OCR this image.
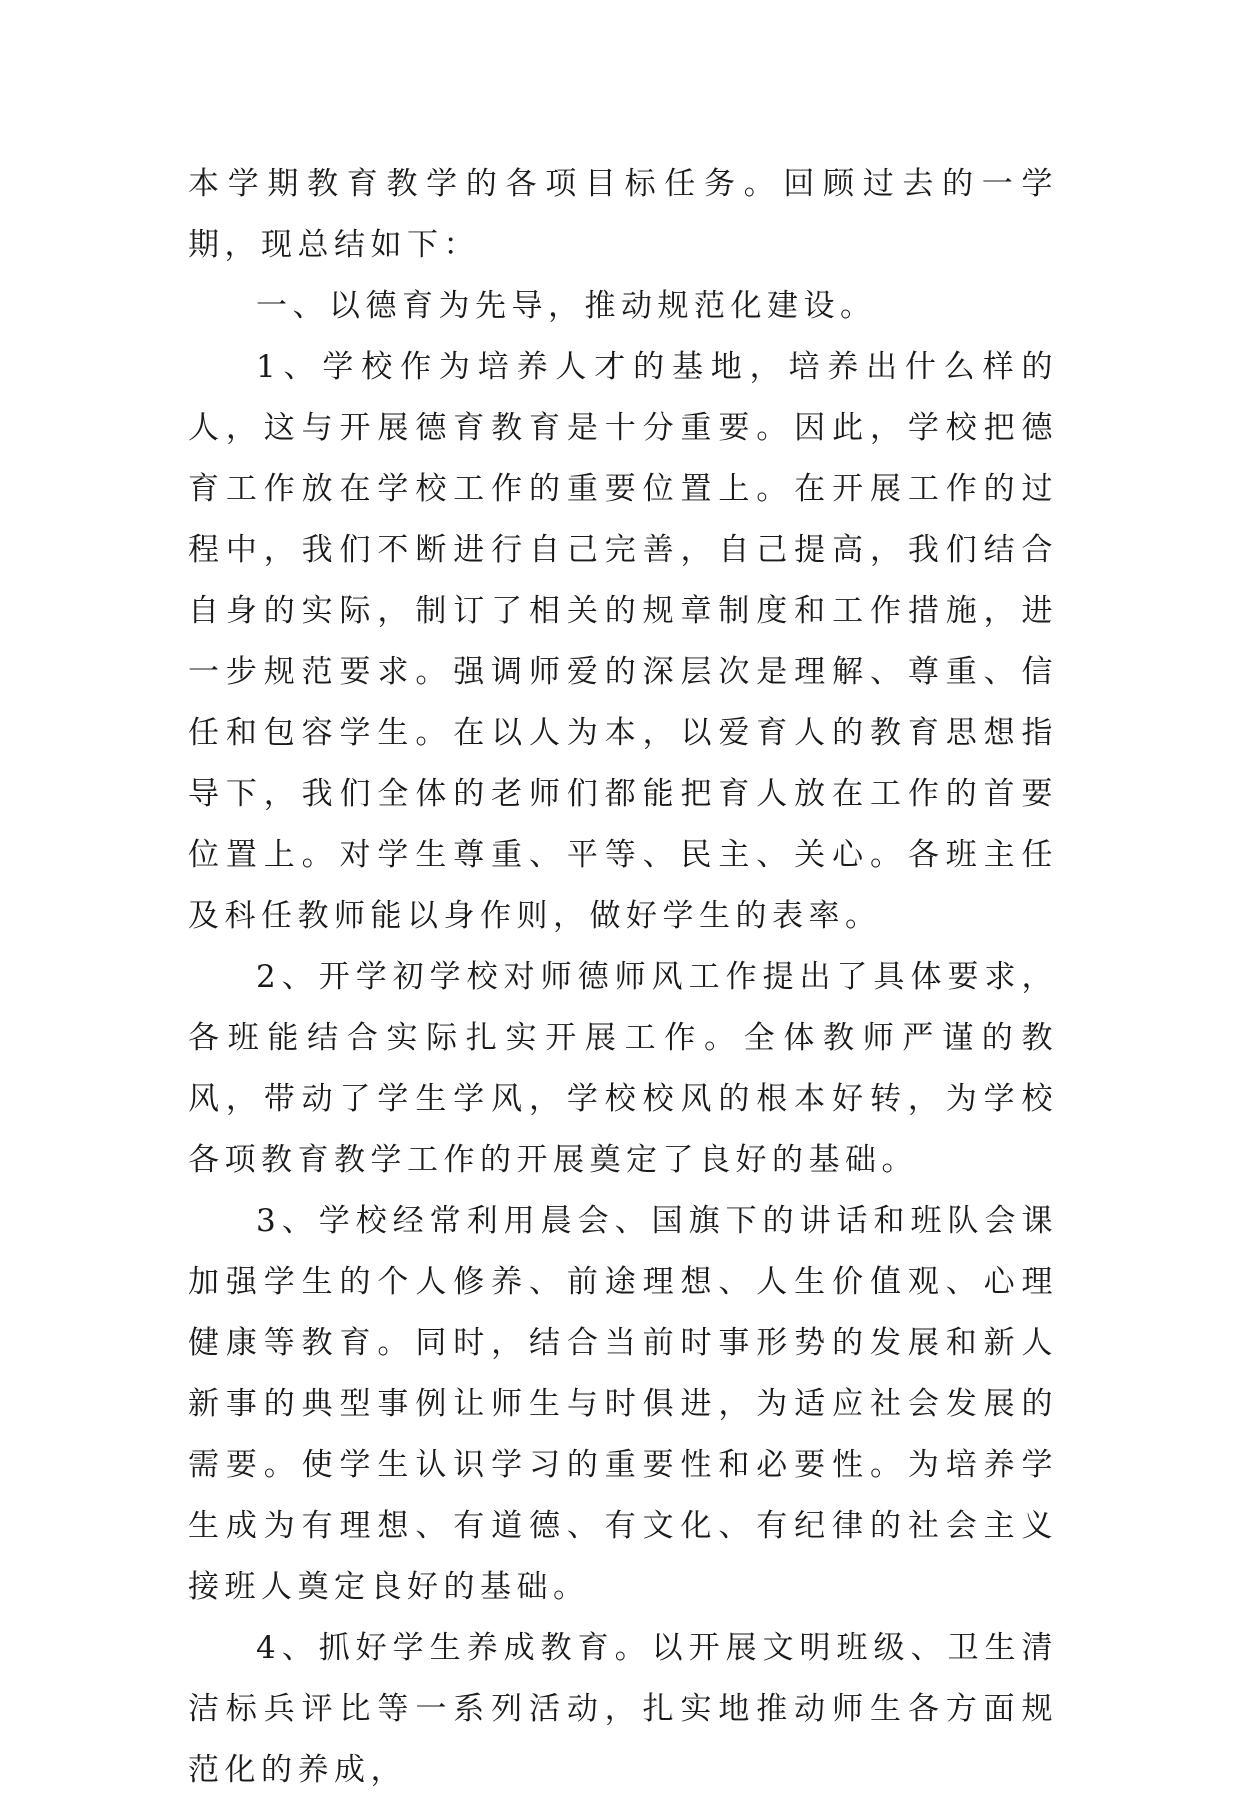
本学期教育教学的各项目标任务。回顾过去的一学期，现总结如下：

一、以德育为先导，推动规范化建设。

1、学校作为培养人才的基地，培养出什么样的人，这与开展德育教育是十分重要。因此，学校把德育工作放在学校工作的重要位置上。在开展工作的过程中，我们不断进行自己完善，自己提高，我们结合自身的实际，制订了相关的规章制度和工作措施，进一步规范要求。强调师爱的深层次是理解、尊重、信任和包容学生。在以人为本，以爱育人的教育思想指导下，我们全体的老师们都能把育人放在工作的首要位置上。对学生尊重、平等、民主、关心。各班主任及科任教师能以身作则，做好学生的表率。

2、开学初学校对师德师风工作提出了具体要求，各班能结合实际扎实开展工作。全体教师严谨的教风，带动了学生学风，学校校风的根本好转，为学校各项教育教学工作的开展奠定了良好的基础。

3、学校经常利用晨会、国旗下的讲话和班队会课加强学生的个人修养、前途理想、人生价值观、心理健康等教育。同时，结合当前时事形势的发展和新人新事的典型事例让师生与时俱进，为适应社会发展的需要。使学生认识学习的重要性和必要性。为培养学生成为有理想、有道德、有文化、有纪律的社会主义接班人奠定良好的基础。

4、抓好学生养成教育。以开展文明班级、卫生清洁标兵评比等一系列活动，扎实地推动师生各方面规范化的养成，
